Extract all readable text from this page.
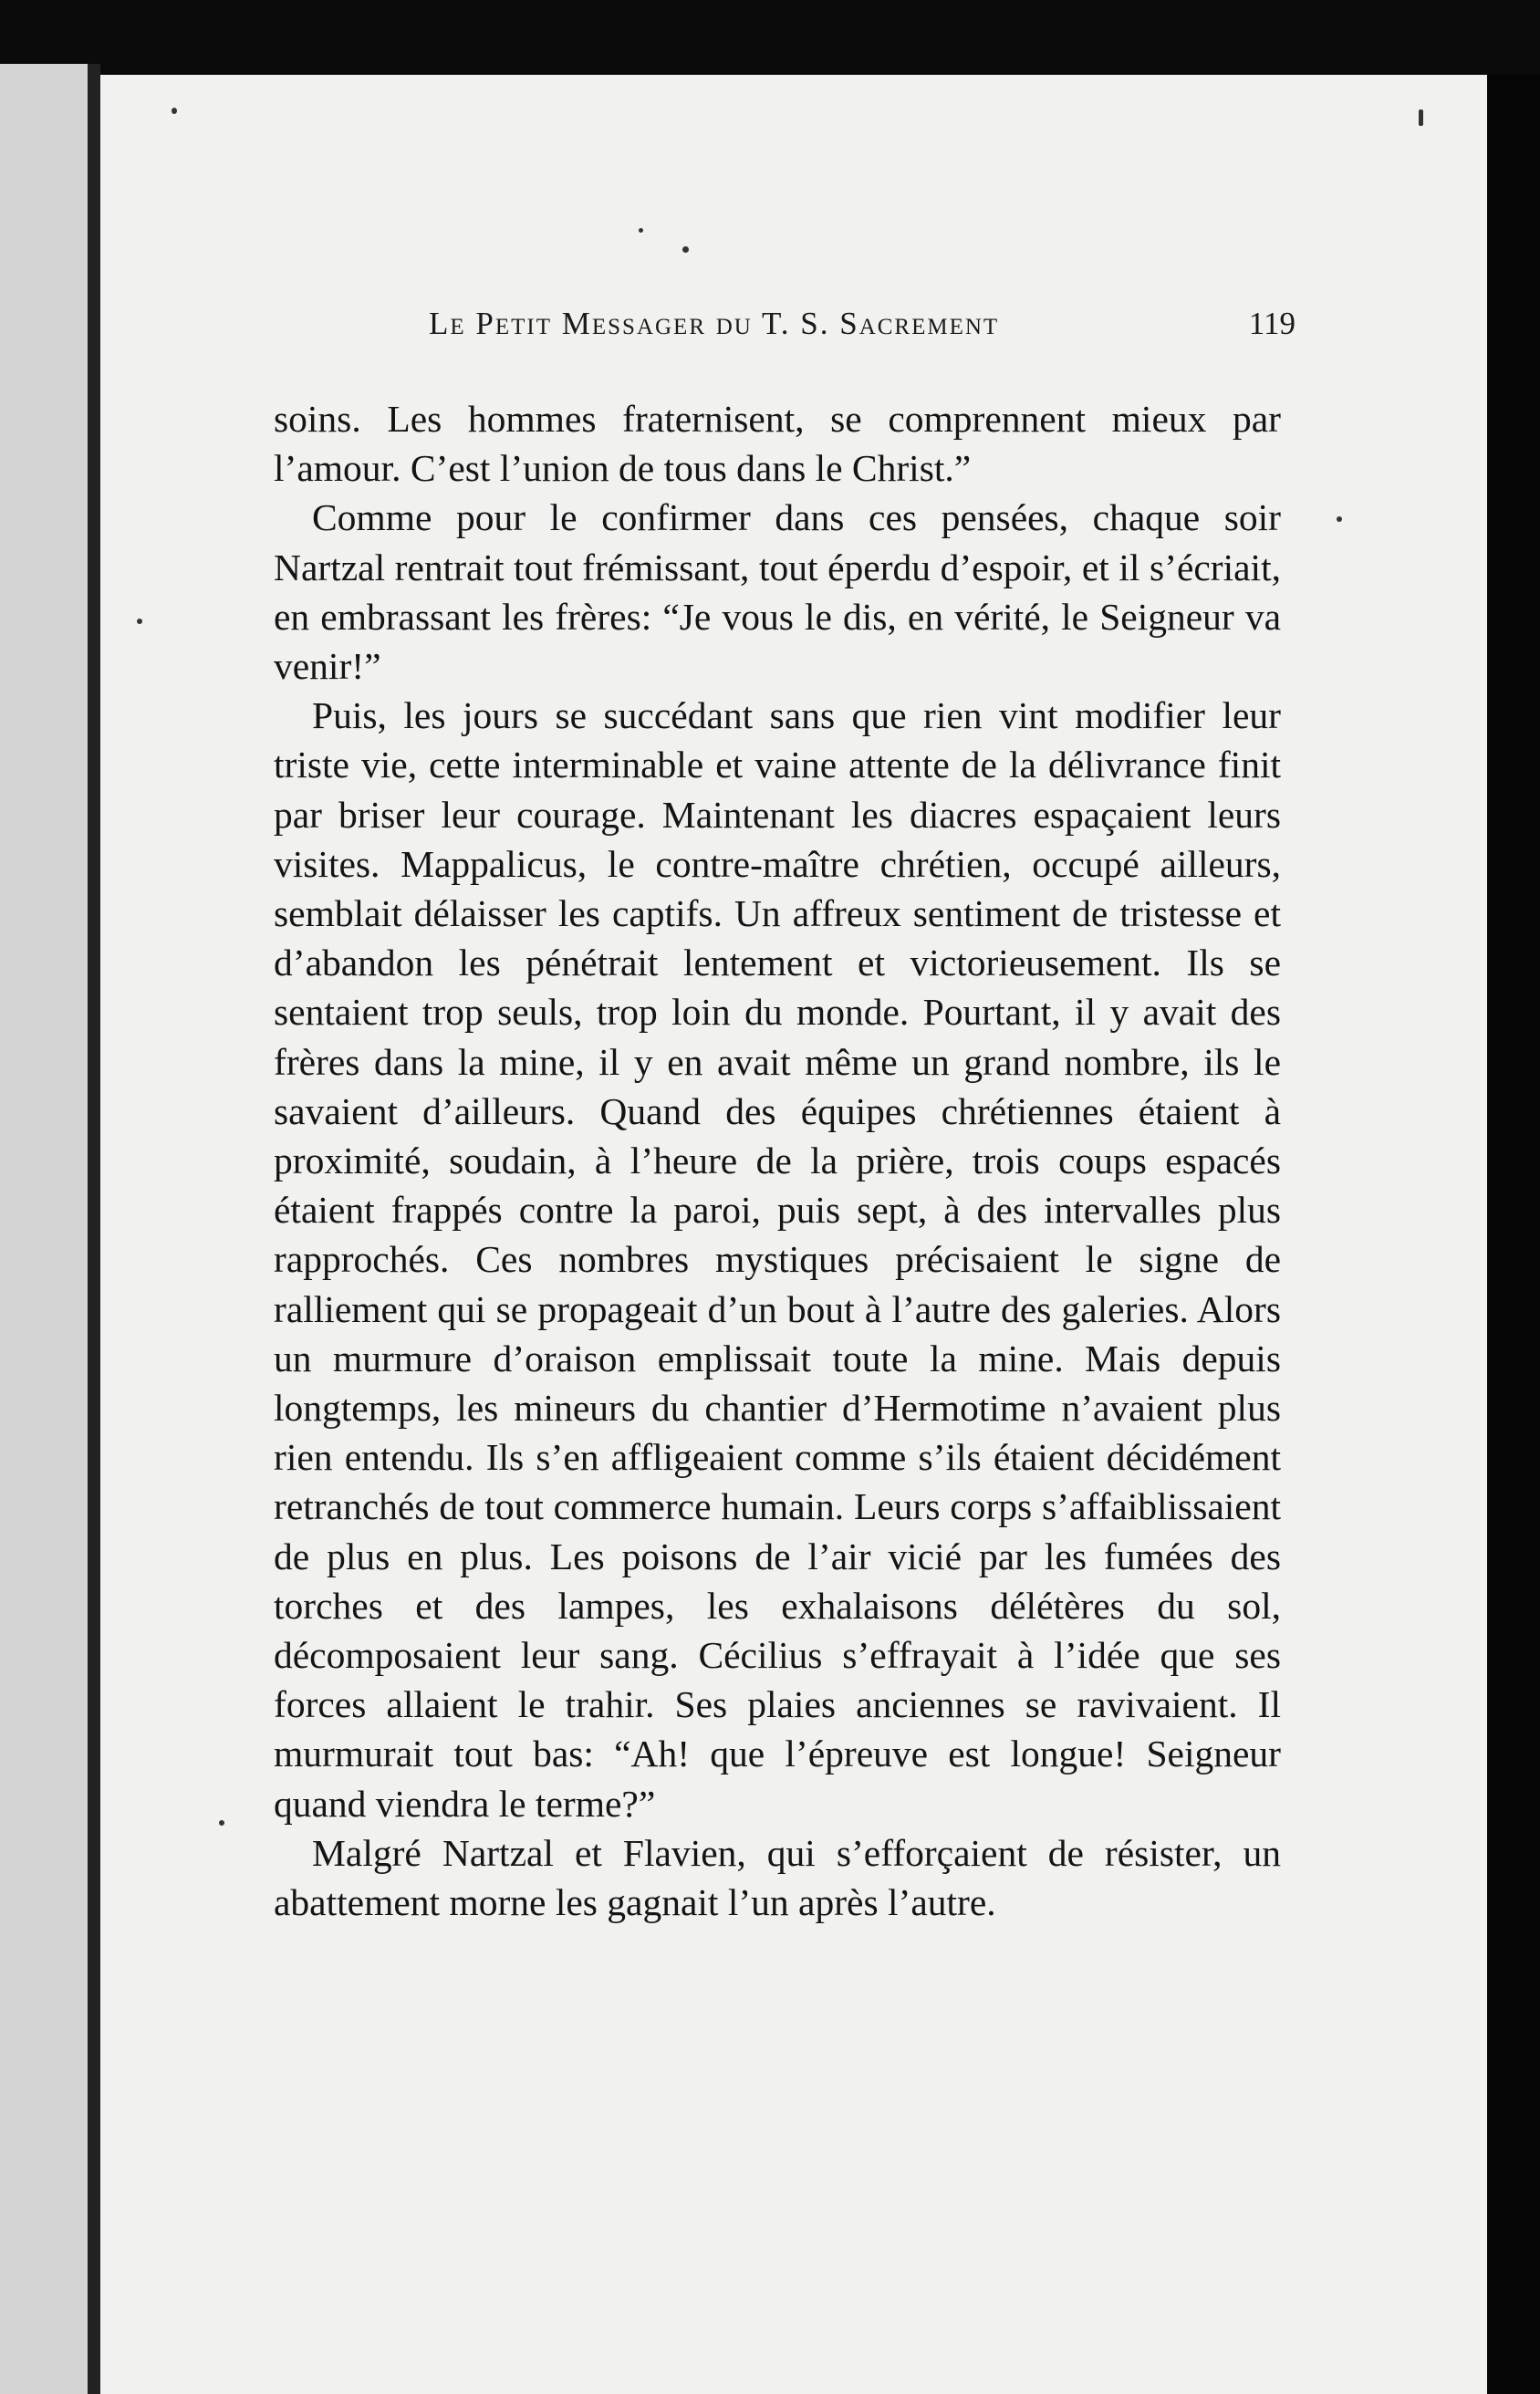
Le Petit Messager du T. S. Sacrement	119

soins. Les hommes fraternisent, se comprennent mieux par l’amour. C’est l’union de tous dans le Christ.”

Comme pour le confirmer dans ces pensées, chaque soir Nartzal rentrait tout frémissant, tout éperdu d’espoir, et il s’écriait, en embrassant les frères: “Je vous le dis, en vérité, le Seigneur va venir!”

Puis, les jours se succédant sans que rien vint modifier leur triste vie, cette interminable et vaine attente de la délivrance finit par briser leur courage. Maintenant les diacres espaçaient leurs visites. Mappalicus, le contre-maître chrétien, occupé ailleurs, semblait délaisser les captifs. Un affreux sentiment de tristesse et d’abandon les pénétrait lentement et victorieusement. Ils se sentaient trop seuls, trop loin du monde. Pourtant, il y avait des frères dans la mine, il y en avait même un grand nombre, ils le savaient d’ailleurs. Quand des équipes chrétiennes étaient à proximité, soudain, à l’heure de la prière, trois coups espacés étaient frappés contre la paroi, puis sept, à des intervalles plus rapprochés. Ces nombres mystiques précisaient le signe de ralliement qui se propageait d’un bout à l’autre des galeries. Alors un murmure d’oraison emplissait toute la mine. Mais depuis longtemps, les mineurs du chantier d’Hermotime n’avaient plus rien entendu. Ils s’en affligeaient comme s’ils étaient décidément retranchés de tout commerce humain. Leurs corps s’affaiblissaient de plus en plus. Les poisons de l’air vicié par les fumées des torches et des lampes, les exhalaisons délétères du sol, décomposaient leur sang. Cécilius s’effrayait à l’idée que ses forces allaient le trahir. Ses plaies anciennes se ravivaient. Il murmurait tout bas: “Ah! que l’épreuve est longue! Seigneur quand viendra le terme?”

Malgré Nartzal et Flavien, qui s’efforçaient de résister, un abattement morne les gagnait l’un après l’autre.
